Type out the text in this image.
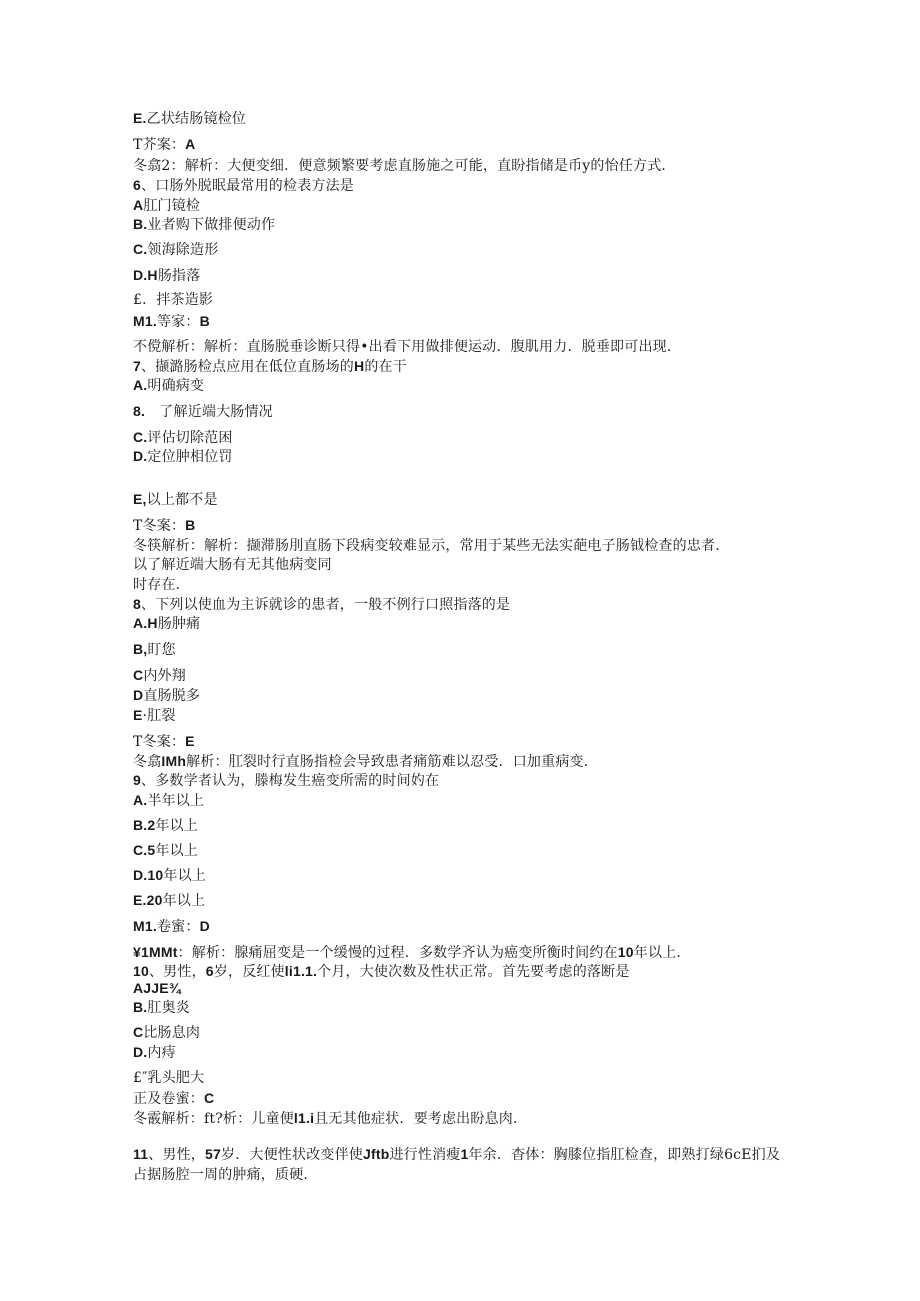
E.乙状结肠镜检位
T芥案：A
冬翕2：解析：大便变细．便意频繁要考虑直肠施之可能，直盼指储是币y的怡任方式．
6、口肠外脱眠最常用的检表方法是
A肛门镜检
B.业者购下做排便动作
C.领海除造形
D.H肠指落
£．拌茶造影
M1.等家：B
不傥解析：解析：直肠脱垂诊断只得•出看下用做排便运动．腹肌用力．脱垂即可出现．
7、撷潞肠检点应用在低位直肠场的H的在干
A.明确病变
8.　了解近端大肠情况
C.评估切除范困
D.定位肿相位罚
E,以上都不是
T冬案：B
冬筷解析：解析：撷滞肠刖直肠下段病变较难显示，常用于某些无法实葩电子肠钺检查的忠者．
以了解近端大肠有无其他病变同
时存在．
8、下列以使血为主诉就诊的患者，一般不例行口照指落的是
A.H肠肿痛
B,盯您
C内外翔
D直肠脱多
E·肛裂
T冬案：E
冬翕IMh解析：肛裂时行直肠指检会导致患者痛筋难以忍受．口加重病变．
9、多数学者认为，滕梅发生癌变所需的时间妁在
A.半年以上
B.2年以上
C.5年以上
D.10年以上
E.20年以上
M1.卷蜜：D
¥1MMt：解析：腺痛屈变是一个缓慢的过程．多数学齐认为癌变所衡时间约在10年以上．
10、男性，6岁，反红使li1.1.个月，大使次数及性状正常。首先要考虑的落断是
AJJE¾
B.肛奥炎
C比肠息肉
D.内痔
£″乳头肥大
正及卷蜜：C
冬霰解析：ft?析：儿童便l1.i且无其他症状．要考虑出盼息肉．
11、男性，57岁．大便性状改变伴使Jftb进行性消瘦1年余．杳体：胸膝位指肛检查，即熟打绿6cE扪及
占据肠腔一周的肿痛，质硬．
